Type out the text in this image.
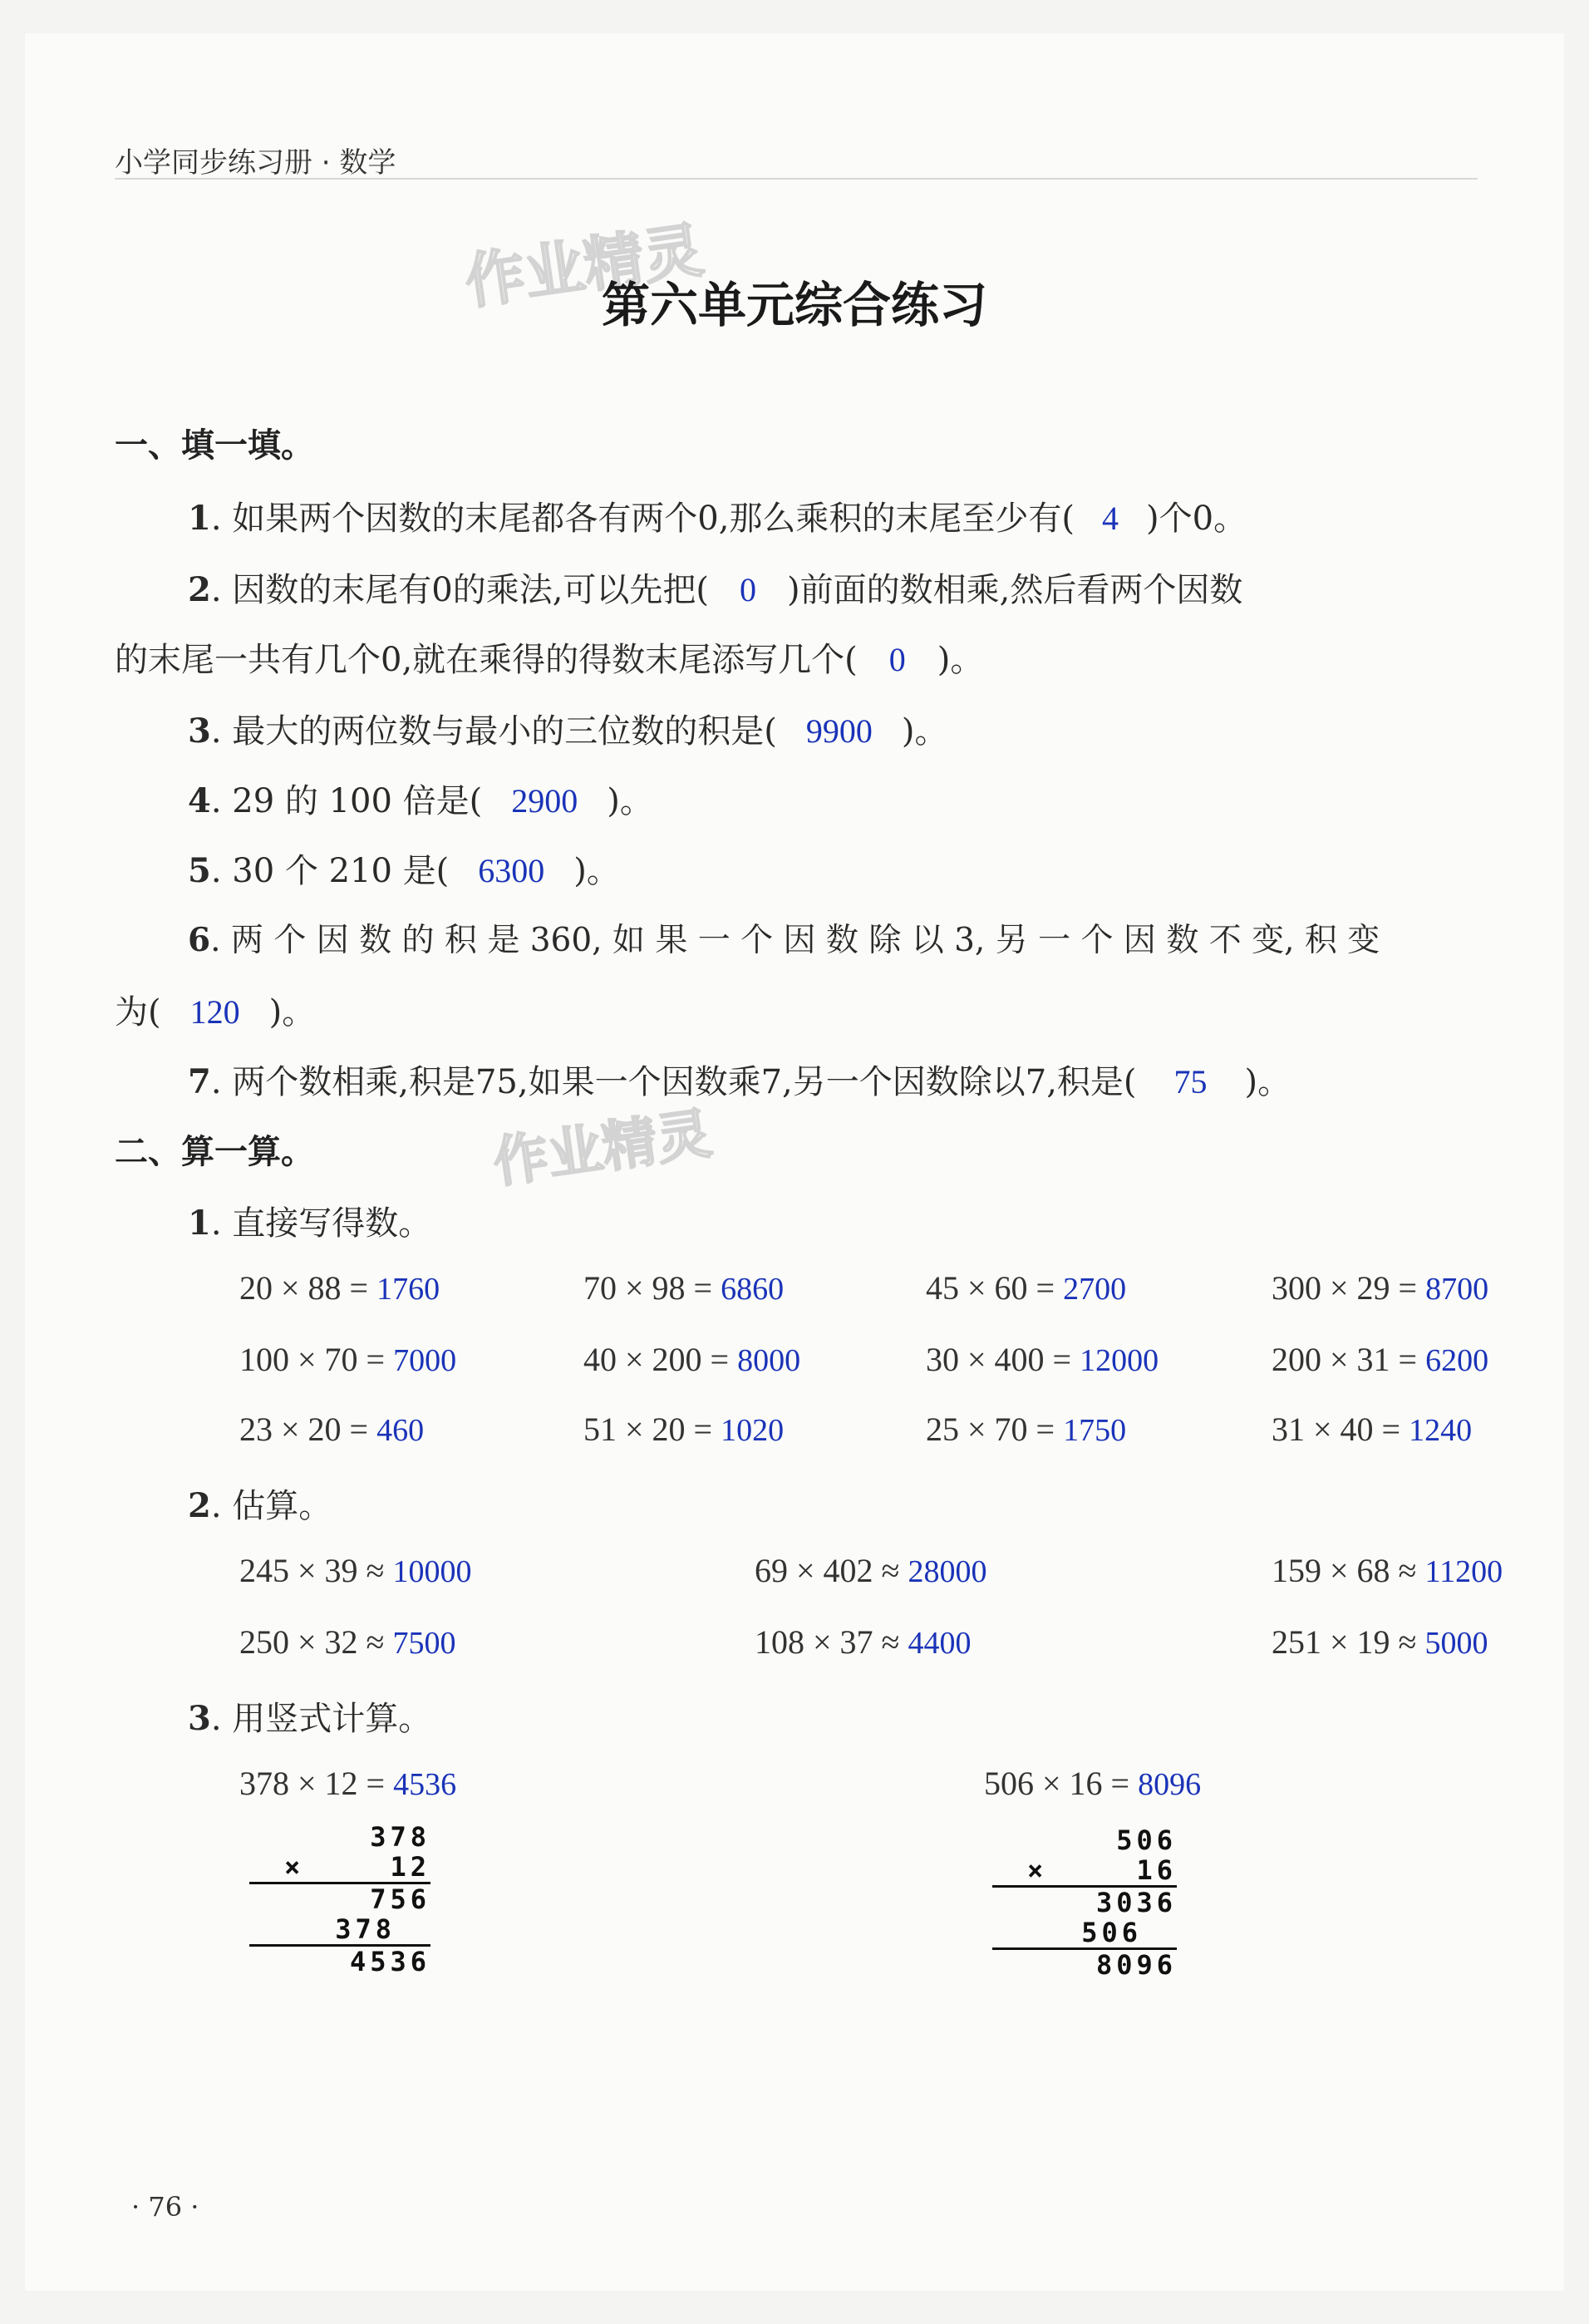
小学同步练习册 · 数学
作业精灵
作业精灵
第六单元综合练习
一、填一填。
1. 如果两个因数的末尾都各有两个0,那么乘积的末尾至少有( 4 )个0。
2. 因数的末尾有0的乘法,可以先把( 0 )前面的数相乘,然后看两个因数
的末尾一共有几个0,就在乘得的得数末尾添写几个( 0 )。
3. 最大的两位数与最小的三位数的积是( 9900 )。
4. 29 的 100 倍是( 2900 )。
5. 30 个 210 是( 6300 )。
6. 两 个 因 数 的 积 是 360, 如 果 一 个 因 数 除 以 3, 另 一 个 因 数 不 变, 积 变
为( 120 )。
7. 两个数相乘,积是75,如果一个因数乘7,另一个因数除以7,积是( 75 )。
二、算一算。
1. 直接写得数。
20 × 88 = 1760	70 × 98 = 6860	45 × 60 = 2700	300 × 29 = 8700
100 × 70 = 7000	40 × 200 = 8000	30 × 400 = 12000	200 × 31 = 6200
23 × 20 = 460	51 × 20 = 1020	25 × 70 = 1750	31 × 40 = 1240
2. 估算。
245 × 39 ≈ 10000	69 × 402 ≈ 28000	159 × 68 ≈ 11200
250 × 32 ≈ 7500	108 × 37 ≈ 4400	251 × 19 ≈ 5000
3. 用竖式计算。
378 × 12 = 4536	506 × 16 = 8096
378
×	12
756
378
4536
506
×	16
3036
506
8096
· 76 ·
